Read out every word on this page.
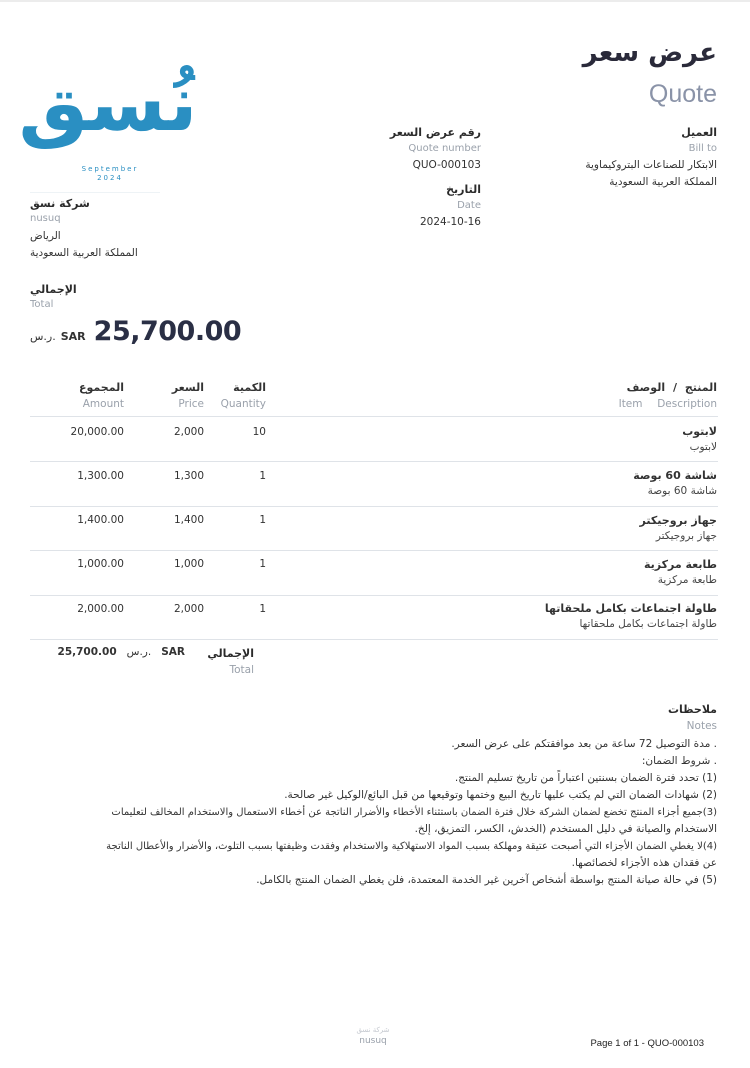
عرض سعر
Quote
نُسق
September
2024
شركة نسق
nusuq
الرياض
المملكة العربية السعودية
العميل
Bill to
الابتكار للصناعات البتروكيماوية
المملكة العربية السعودية
رقم عرض السعر
Quote number
QUO-000103
التاريخ
Date
2024-10-16
الإجمالي
Total
ر.س. SAR 25,700.00
المنتج / الوصف
Item Description
الكمية
Quantity
السعر
Price
المجموع
Amount
لابتوب
لابتوب
10
2,000
20,000.00
شاشة 60 بوصة
شاشة 60 بوصة
1
1,300
1,300.00
جهاز بروجيكتر
جهاز بروجيكتر
1
1,400
1,400.00
طابعة مركزية
طابعة مركزية
1
1,000
1,000.00
طاولة اجتماعات بكامل ملحقاتها
طاولة اجتماعات بكامل ملحقاتها
1
2,000
2,000.00
الإجمالي
Total
25,700.00 ر.س. SAR
ملاحظات
Notes
. مدة التوصيل 72 ساعة من بعد موافقتكم على عرض السعر.
. شروط الضمان:
(1) تحدد فترة الضمان بسنتين اعتباراً من تاريخ تسليم المنتج.
(2) شهادات الضمان التي لم يكتب عليها تاريخ البيع وختمها وتوقيعها من قبل البائع/الوكيل غير صالحة.
(3)جميع أجزاء المنتج تخضع لضمان الشركة خلال فترة الضمان باستثناء الأخطاء والأضرار الناتجة عن أخطاء الاستعمال والاستخدام المخالف لتعليمات
الاستخدام والصيانة في دليل المستخدم (الخدش، الكسر، التمزيق، إلخ.
(4)لا يغطي الضمان الأجزاء التي أصبحت عتيقة ومهلكة بسبب المواد الاستهلاكية والاستخدام وفقدت وظيفتها بسبب التلوث، والأضرار والأعطال الناتجة
عن فقدان هذه الأجزاء لخصائصها.
(5) في حالة صيانة المنتج بواسطة أشخاص آخرين غير الخدمة المعتمدة، فلن يغطي الضمان المنتج بالكامل.
شركة نسق
nusuq	Page 1 of 1 - QUO-000103
